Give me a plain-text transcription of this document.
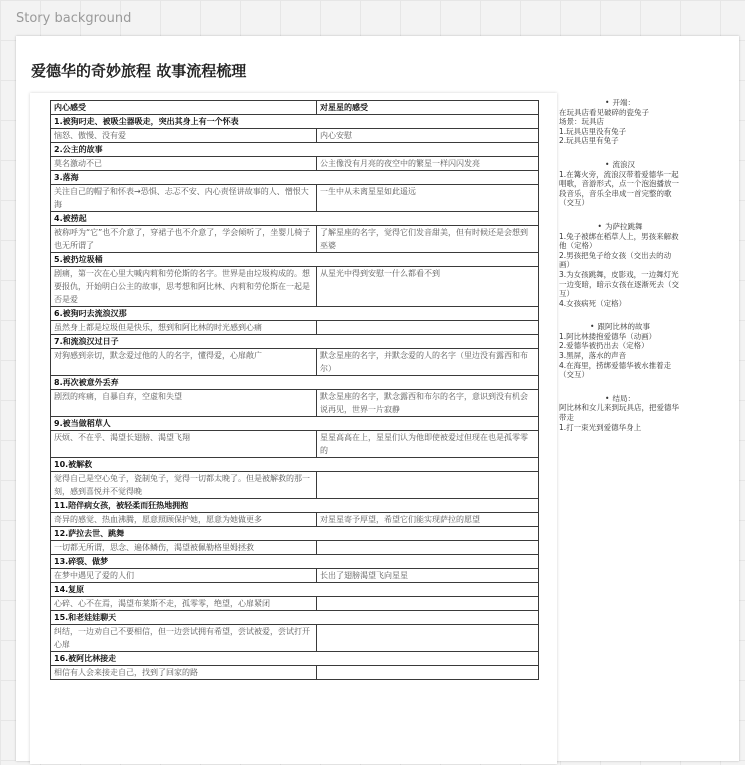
Story background
爱德华的奇妙旅程 故事流程梳理
内心感受	对星星的感受
1.被狗叼走、被吸尘器吸走，突出其身上有一个怀表	
恼怒、傲慢、没有爱	内心安慰
2.公主的故事	
莫名激动不已	公主像没有月亮的夜空中的繁星一样闪闪发亮
3.落海	
关注自己的帽子和怀表→恐惧、忐忑不安、内心责怪讲故事的人、憎恨大海	一生中从未离星星如此遥远
4.被捞起	
被称呼为“它”也不介意了，穿裙子也不介意了，学会倾听了，坐婴儿椅子也无所谓了	了解星座的名字，觉得它们发音甜美，但有时候还是会想到巫婆
5.被扔垃圾桶	
剧痛，第一次在心里大喊内莉和劳伦斯的名字。世界是由垃圾构成的。想要报仇，开始明白公主的故事，思考想和阿比林、内莉和劳伦斯在一起是否是爱	从星光中得到安慰一什么都看不到
6.被狗叼去流浪汉那	
虽然身上都是垃圾但是快乐，想到和阿比林的时光感到心痛	
7.和流浪汉过日子	
对狗感到亲切，默念爱过他的人的名字，懂得爱，心扉敞广	默念星座的名字，并默念爱的人的名字（里边没有露西和布尔）
8.再次被意外丢弃	
剧烈的疼痛，自暴自弃，空虚和失望	默念星座的名字，默念露西和布尔的名字，意识到没有机会说再见，世界一片寂静
9.被当做稻草人	
厌烦、不在乎、渴望长翅膀、渴望飞翔	星星高高在上，星星们认为他即使被爱过但现在也是孤零零的
10.被解救	
觉得自己是空心兔子，瓷制兔子，觉得一切都太晚了。但是被解救的那一刻，感到喜悦并不觉得晚	
11.陪伴病女孩，被轻柔而狂热地拥抱	
奇异的感觉、热血沸腾，愿意照顾保护她，愿意为她做更多	对星星寄予厚望，希望它们能实现萨拉的愿望
12.萨拉去世、跳舞	
一切都无所谓，思念、遍体鳞伤，渴望被佩勒格里姆拯救	
13.碎裂、做梦	
在梦中遇见了爱的人们	长出了翅膀渴望飞向星星
14.复原	
心碎、心不在焉，渴望布莱斯不走，孤零零，绝望，心扉紧闭	
15.和老娃娃聊天	
纠结，一边劝自己不要相信，但一边尝试拥有希望，尝试被爱，尝试打开心扉	
16.被阿比林接走	
相信有人会来接走自己，找到了回家的路	
• 开端：
在玩具店看见破碎的瓷兔子
场景：玩具店
1.玩具店里没有兔子
2.玩具店里有兔子
• 流浪汉
1.在篝火旁，流浪汉带着爱德华一起唱歌，音游形式，点一个泡泡播放一段音乐，音乐全串成一首完整的歌（交互）
• 为萨拉跳舞
1.兔子被绑在稻草人上，男孩来解救他（定格）
2.男孩把兔子给女孩（交出去的动画）
3.为女孩跳舞，皮影戏，一边舞灯光一边变暗，暗示女孩在逐渐死去（交互）
4.女孩病死（定格）
• 跟阿比林的故事
1.阿比林搂抱爱德华（动画）
2.爱德华被扔出去（定格）
3.黑屏，落水的声音
4.在海里，捞绑爱德华被水推着走（交互）
• 结局：
阿比林和女儿来到玩具店，把爱德华带走
1.打一束光到爱德华身上
